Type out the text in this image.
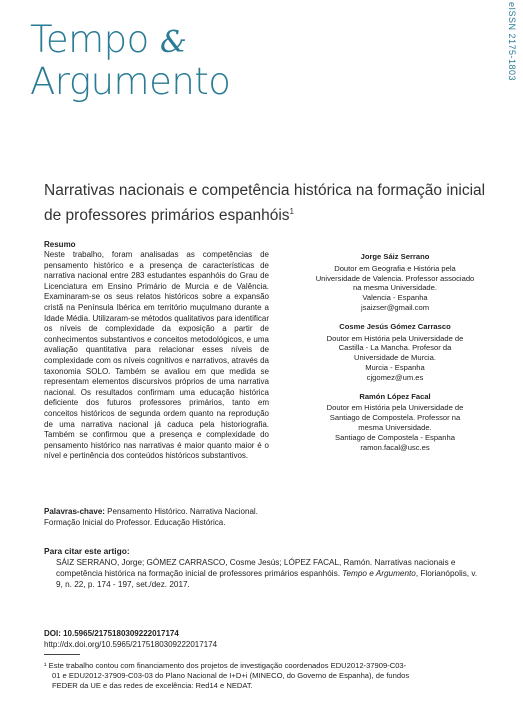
eISSN 2175-1803
Tempo &
Argumento
Narrativas nacionais e competência histórica na formação inicial de professores primários espanhóis$^1$
Resumo
Neste trabalho, foram analisadas as competências de pensamento histórico e a presença de características de narrativa nacional entre 283 estudantes espanhóis do Grau de Licenciatura em Ensino Primário de Murcia e de Valência. Examinaram-se os seus relatos históricos sobre a expansão cristã na Península Ibérica em território muçulmano durante a Idade Média. Utilizaram-se métodos qualitativos para identificar os níveis de complexidade da exposição a partir de conhecimentos substantivos e conceitos metodológicos, e uma avaliação quantitativa para relacionar esses níveis de complexidade com os níveis cognitivos e narrativos, através da taxonomia SOLO. Também se avaliou em que medida se representam elementos discursivos próprios de uma narrativa nacional. Os resultados confirmam uma educação histórica deficiente dos futuros professores primários, tanto em conceitos históricos de segunda ordem quanto na reprodução de uma narrativa nacional já caduca pela historiografia. Também se confirmou que a presença e complexidade do pensamento histórico nas narrativas é maior quanto maior é o nível e pertinência dos conteúdos históricos substantivos.
Jorge Sáiz Serrano
Doutor em Geografia e História pela
Universidade de Valencia. Professor associado
na mesma Universidade.
Valencia - Espanha
jsaizser@gmail.com
Cosme Jesús Gómez Carrasco
Doutor em História pela Universidade de
Castilla - La Mancha. Profesor da
Universidade de Murcia.
Murcia - Espanha
cjgomez@um.es
Ramón López Facal
Doutor em História pela Universidade de
Santiago de Compostela. Professor na
mesma Universidade.
Santiago de Compostela - Espanha
ramon.facal@usc.es
Palavras-chave: Pensamento Histórico. Narrativa Nacional. Formação Inicial do Professor. Educação Histórica.
Para citar este artigo:
SÁIZ SERRANO, Jorge; GÓMEZ CARRASCO, Cosme Jesús; LÓPEZ FACAL, Ramón. Narrativas nacionais e competência histórica na formação inicial de professores primários espanhóis. Tempo e Argumento, Florianópolis, v. 9, n. 22, p. 174 - 197, set./dez. 2017.
DOI: 10.5965/2175180309222017174
http://dx.doi.org/10.5965/2175180309222017174
¹ Este trabalho contou com financiamento dos projetos de investigação coordenados EDU2012-37909-C03-
01 e EDU2012-37909-C03-03 do Plano Nacional de I+D+i (MINECO, do Governo de Espanha), de fundos
FEDER da UE e das redes de excelência: Red14 e NEDAT.
